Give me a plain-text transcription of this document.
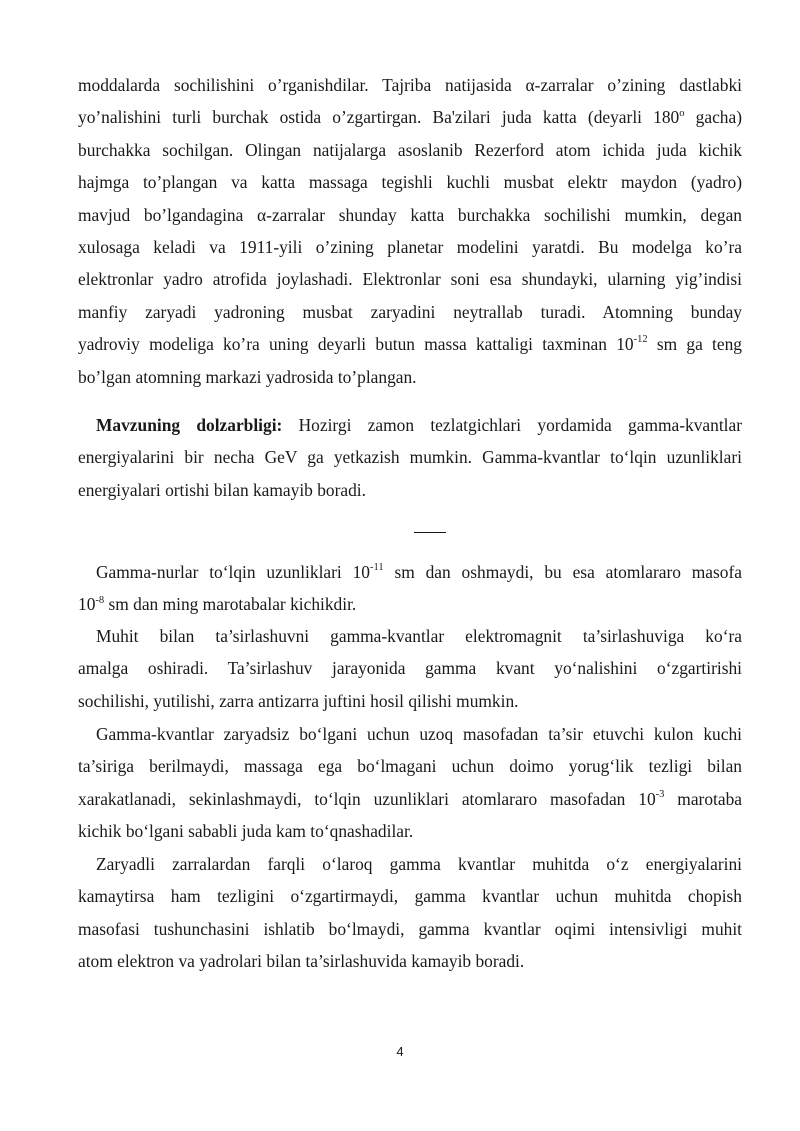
moddalarda sochilishini o’rganishdilar. Tajriba natijasida α-zarralar o’zining dastlabki

yo’nalishini turli burchak ostida o’zgartirgan. Ba'zilari juda katta (deyarli 180$^o$ gacha)

burchakka sochilgan. Olingan natijalarga asoslanib Rezerford atom ichida juda kichik

hajmga to’plangan va katta massaga tegishli kuchli musbat elektr maydon (yadro)

mavjud bo’lgandagina α-zarralar shunday katta burchakka sochilishi mumkin, degan

xulosaga keladi va 1911-yili o’zining planetar modelini yaratdi. Bu modelga ko’ra

elektronlar yadro atrofida joylashadi. Elektronlar soni esa shundayki, ularning yig’indisi

manfiy zaryadi yadroning musbat zaryadini neytrallab turadi. Atomning bunday

yadroviy modeliga ko’ra uning deyarli butun massa kattaligi taxminan $10^{-12}$ sm ga teng

bo’lgan atomning markazi yadrosida to’plangan.

Mavzuning dolzarbligi: Hozirgi zamon tezlatgichlari yordamida gamma-kvantlar

energiyalarini bir necha GeV ga yetkazish mumkin. Gamma-kvantlar to‘lqin uzunliklari

energiyalari ortishi bilan kamayib boradi.

Gamma-nurlar to‘lqin uzunliklari $10^{-11}$ sm dan oshmaydi, bu esa atomlararo masofa

$10^{-8}$ sm dan ming marotabalar kichikdir.

Muhit bilan ta’sirlashuvni gamma-kvantlar elektromagnit ta’sirlashuviga ko‘ra

amalga oshiradi. Ta’sirlashuv jarayonida gamma kvant yo‘nalishini o‘zgartirishi

sochilishi, yutilishi, zarra antizarra juftini hosil qilishi mumkin.

Gamma-kvantlar zaryadsiz bo‘lgani uchun uzoq masofadan ta’sir etuvchi kulon kuchi

ta’siriga berilmaydi, massaga ega bo‘lmagani uchun doimo yorug‘lik tezligi bilan

xarakatlanadi, sekinlashmaydi, to‘lqin uzunliklari atomlararo masofadan $10^{-3}$ marotaba

kichik bo‘lgani sababli juda kam to‘qnashadilar.

Zaryadli zarralardan farqli o‘laroq gamma kvantlar muhitda o‘z energiyalarini

kamaytirsa ham tezligini o‘zgartirmaydi, gamma kvantlar uchun muhitda chopish

masofasi tushunchasini ishlatib bo‘lmaydi, gamma kvantlar oqimi intensivligi muhit

atom elektron va yadrolari bilan ta’sirlashuvida kamayib boradi.

4
